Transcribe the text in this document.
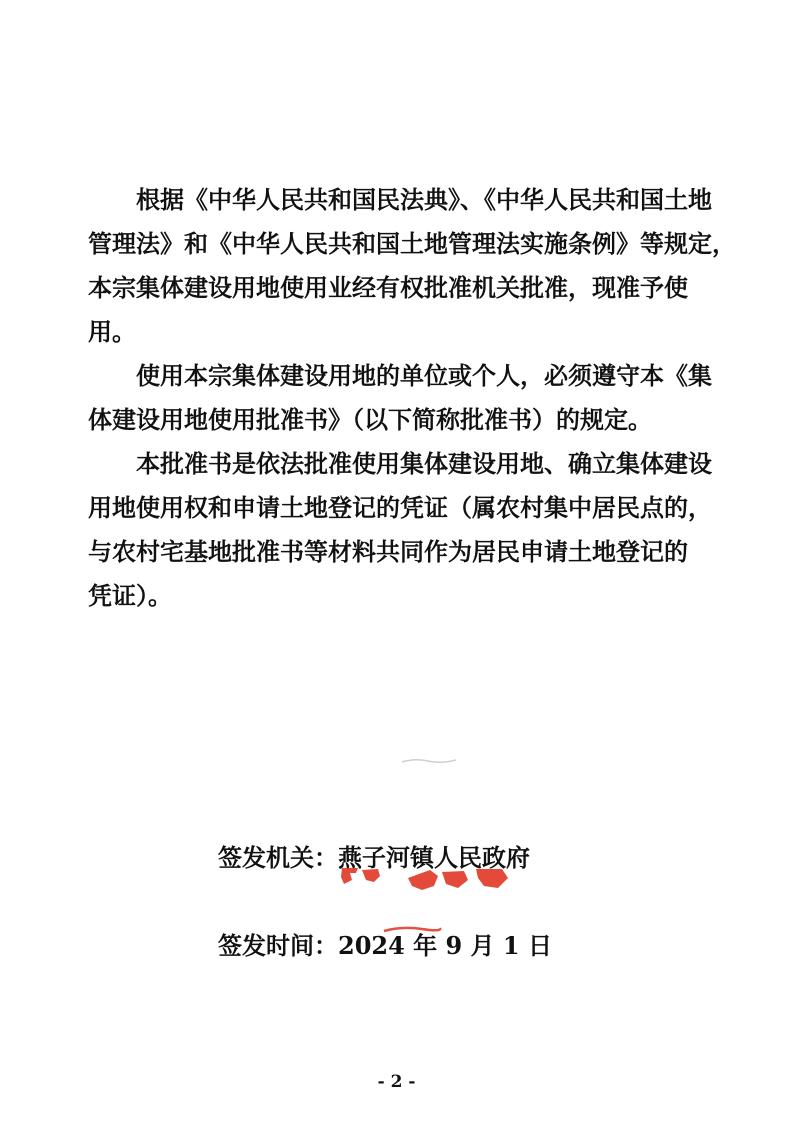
根据《中华人民共和国民法典》、《中华人民共和国土地
管理法》和《中华人民共和国土地管理法实施条例》等规定，
本宗集体建设用地使用业经有权批准机关批准，现准予使
用。
使用本宗集体建设用地的单位或个人，必须遵守本《集
体建设用地使用批准书》（以下简称批准书）的规定。
本批准书是依法批准使用集体建设用地、确立集体建设
用地使用权和申请土地登记的凭证（属农村集中居民点的，
与农村宅基地批准书等材料共同作为居民申请土地登记的
凭证）。
签发机关：燕子河镇人民政府
签发时间：2024 年 9 月 1 日
- 2 -
